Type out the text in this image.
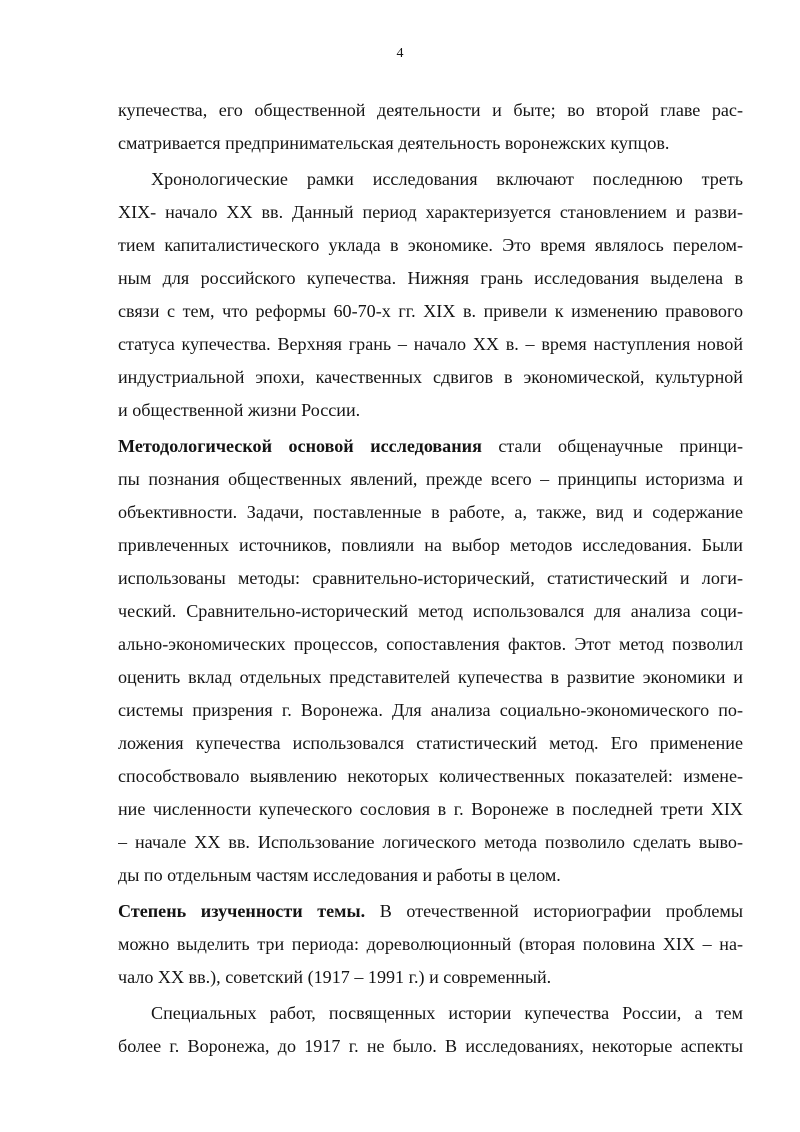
4
купечества, его общественной деятельности и быте; во второй главе рас-
сматривается предпринимательская деятельность воронежских купцов.
Хронологические рамки исследования включают последнюю треть
XIX- начало XX вв. Данный период характеризуется становлением и разви-
тием капиталистического уклада в экономике. Это время являлось перелом-
ным для российского купечества. Нижняя грань исследования выделена в
связи с тем, что реформы 60-70-х гг. XIX в. привели к изменению правового
статуса купечества. Верхняя грань – начало XX в. – время наступления новой
индустриальной эпохи, качественных сдвигов в экономической, культурной
и общественной жизни России.
Методологической основой исследования стали общенаучные принци-
пы познания общественных явлений, прежде всего – принципы историзма и
объективности. Задачи, поставленные в работе, а, также, вид и содержание
привлеченных источников, повлияли на выбор методов исследования. Были
использованы методы: сравнительно-исторический, статистический и логи-
ческий. Сравнительно-исторический метод использовался для анализа соци-
ально-экономических процессов, сопоставления фактов. Этот метод позволил
оценить вклад отдельных представителей купечества в развитие экономики и
системы призрения г. Воронежа. Для анализа социально-экономического по-
ложения купечества использовался статистический метод. Его применение
способствовало выявлению некоторых количественных показателей: измене-
ние численности купеческого сословия в г. Воронеже в последней трети XIX
– начале XX вв. Использование логического метода позволило сделать выво-
ды по отдельным частям исследования и работы в целом.
Степень изученности темы. В отечественной историографии проблемы
можно выделить три периода: дореволюционный (вторая половина XIX – на-
чало XX вв.), советский (1917 – 1991 г.) и современный.
Специальных работ, посвященных истории купечества России, а тем
более г. Воронежа, до 1917 г. не было. В исследованиях, некоторые аспекты
